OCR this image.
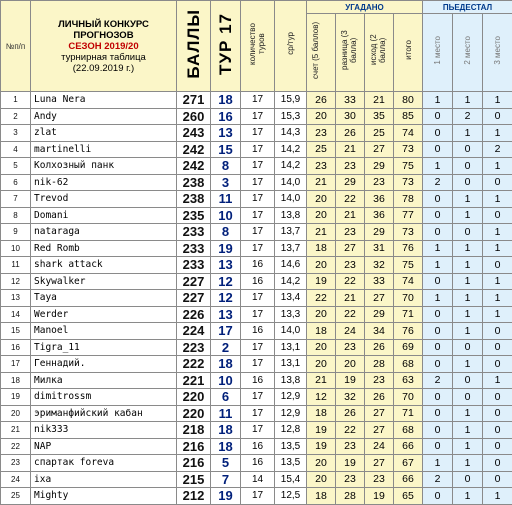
№п/п	ЛИЧНЫЙ КОНКУРС
ПРОГНОЗОВ
СЕЗОН 2019/20
турнирная таблица
(22.09.2019 г.)	БАЛЛЫ	ТУР 17	количество туров	ср/тур	УГАДАНО				ПЬЕДЕСТАЛ		
						счет (5 баллов)	разница (3 балла)	исход (2 балла)	итого	1 место	2 место	3 место
1	Luna Nera	271	18	17	15,9	26	33	21	80	1	1	1
2	Andy	260	16	17	15,3	20	30	35	85	0	2	0
3	zlat	243	13	17	14,3	23	26	25	74	0	1	1
4	martinelli	242	15	17	14,2	25	21	27	73	0	0	2
5	Колхозный панк	242	8	17	14,2	23	23	29	75	1	0	1
6	nik-62	238	3	17	14,0	21	29	23	73	2	0	0
7	Trevod	238	11	17	14,0	20	22	36	78	0	1	1
8	Domani	235	10	17	13,8	20	21	36	77	0	1	0
9	nataraga	233	8	17	13,7	21	23	29	73	0	0	1
10	Red Romb	233	19	17	13,7	18	27	31	76	1	1	1
11	shark attack	233	13	16	14,6	20	23	32	75	1	1	0
12	Skywalker	227	12	16	14,2	19	22	33	74	0	1	1
13	Taya	227	12	17	13,4	22	21	27	70	1	1	1
14	Werder	226	13	17	13,3	20	22	29	71	0	1	1
15	Manoel	224	17	16	14,0	18	24	34	76	0	1	0
16	Tigra_11	223	2	17	13,1	20	23	26	69	0	0	0
17	Геннадий.	222	18	17	13,1	20	20	28	68	0	1	0
18	Милка	221	10	16	13,8	21	19	23	63	2	0	1
19	dimitrossm	220	6	17	12,9	12	32	26	70	0	0	0
20	эриманфийский кабан	220	11	17	12,9	18	26	27	71	0	1	0
21	nik333	218	18	17	12,8	19	22	27	68	0	1	0
22	NAP	216	18	16	13,5	19	23	24	66	0	1	0
23	спартак foreva	216	5	16	13,5	20	19	27	67	1	1	0
24	ixa	215	7	14	15,4	20	23	23	66	2	0	0
25	Mighty	212	19	17	12,5	18	28	19	65	0	1	1
